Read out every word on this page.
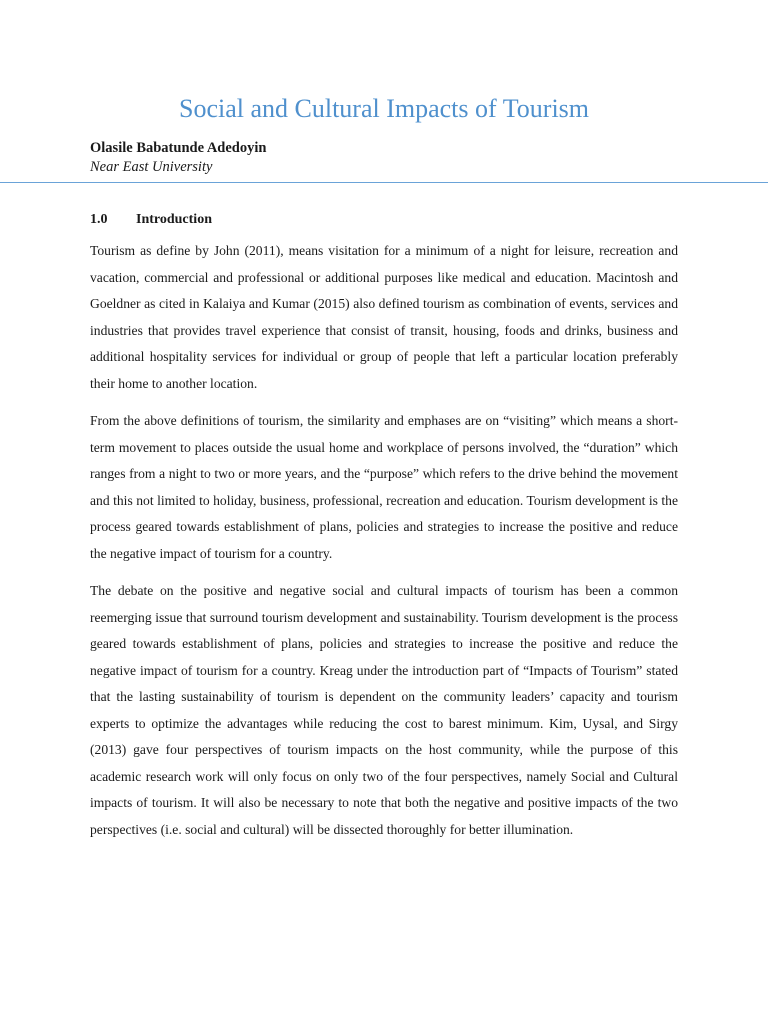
Social and Cultural Impacts of Tourism
Olasile Babatunde Adedoyin
Near East University
1.0	Introduction

Tourism as define by John (2011), means visitation for a minimum of a night for leisure, recreation and vacation, commercial and professional or additional purposes like medical and education. Macintosh and Goeldner as cited in Kalaiya and Kumar (2015) also defined tourism as combination of events, services and industries that provides travel experience that consist of transit, housing, foods and drinks, business and additional hospitality services for individual or group of people that left a particular location preferably their home to another location.

From the above definitions of tourism, the similarity and emphases are on “visiting” which means a short-term movement to places outside the usual home and workplace of persons involved, the “duration” which ranges from a night to two or more years, and the “purpose” which refers to the drive behind the movement and this not limited to holiday, business, professional, recreation and education. Tourism development is the process geared towards establishment of plans, policies and strategies to increase the positive and reduce the negative impact of tourism for a country.

The debate on the positive and negative social and cultural impacts of tourism has been a common reemerging issue that surround tourism development and sustainability. Tourism development is the process geared towards establishment of plans, policies and strategies to increase the positive and reduce the negative impact of tourism for a country. Kreag under the introduction part of “Impacts of Tourism” stated that the lasting sustainability of tourism is dependent on the community leaders’ capacity and tourism experts to optimize the advantages while reducing the cost to barest minimum. Kim, Uysal, and Sirgy (2013) gave four perspectives of tourism impacts on the host community, while the purpose of this academic research work will only focus on only two of the four perspectives, namely Social and Cultural impacts of tourism. It will also be necessary to note that both the negative and positive impacts of the two perspectives (i.e. social and cultural) will be dissected thoroughly for better illumination.
